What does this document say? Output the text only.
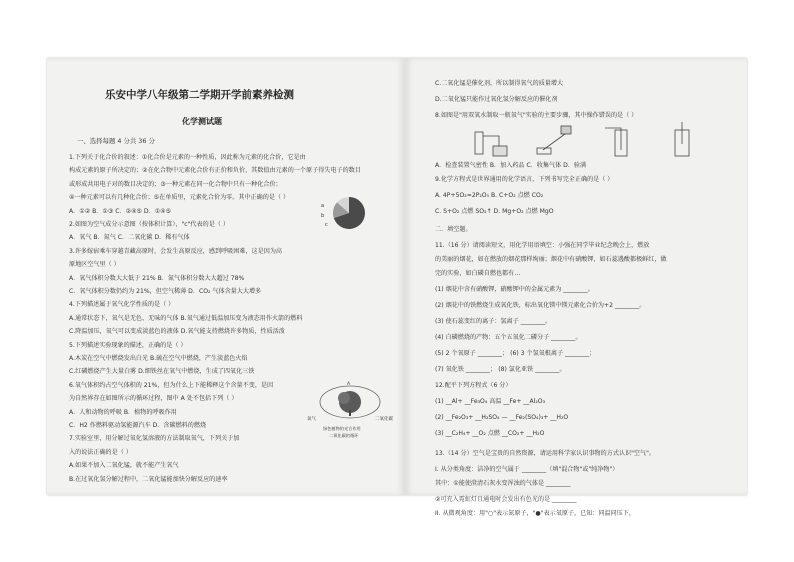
乐安中学八年级第二学期开学前素养检测
化学测试题
一、选择每题 4 分共 36 分
1.下列关于化合价的叙述：①化合价是元素的一种性质，因此称为元素的化合价，它是由
构成元素的原子所决定的；②在化合物中元素化合价有正价和负价，其数值由元素的一个原子得失电子的数目
或形成共用电子对的数目决定的；③一种元素在同一化合物中只有一种化合价；
④一种元素可以有几种化合价；⑤在单质里，元素化合价为零。其中正确的是（ ）
A．①② B．①③ C．②④⑤ D．①④⑤
2.如图为空气成分示意图（按体积计算），"c"代表的是（ ）
A．氧气 B．氮气 C．二氧化碳 D．稀有气体
3.许多嫁宿乘车穿越青藏高原时，会发生高原反应，感到呼吸困难，这是因为高
原地区空气里（ ）
A．氧气体积分数大大低于 21% B．氮气体积分数大大超过 78%
C．氧气体积分数仍约为 21%，但空气稀薄 D．CO₂ 气体含量大大增多
4.下列描述属于氧气化学性质的是（ ）
A.通常状态下，氧气是无色、无味的气体 B.氧气通过低温加压变为液态用作火箭的燃料
C.降温加压，氧气可以变成淡蓝色的液体 D.氧气能支持燃烧许多物质，性质活泼
5.下列描述实验现象的描述，正确的是（ ）
A.木炭在空气中燃烧发出白光 B.硫在空气中燃烧，产生淡蓝色火焰
C.红磷燃烧产生大量白雾 D.细铁丝在氧气中燃烧，生成了四氧化三铁
6.氧气体积约占空气体积的 21%，但为什么上下能稀释这个含量不变，是因
为自然界存在如图所示的循环过程，图中 A 处不包括下列（ ）
A．人和动物的呼吸 B．植物的呼吸作用
C．H2 作燃料驱动氢能源汽车 D．含碳燃料的燃烧
7.实验室里，用分解过氧化氢溶液的方法制取氧气，下列关于加
入的说法正确的是（ ）
A.如果不加入二氧化锰，就不能产生氧气
B.在过氧化氢分解过程中，二氧化锰能加快分解反应的速率
a
b
c
氧气
A
二氧化碳
绿色植物的光合作用
二氧化碳的循环
C.二氧化锰是催化剂，所以制得氧气的质量增大
D.二氧化锰只能作过氧化氢分解反应的催化剂
8.如图是"用双氧水制取一瓶氧气"实验的主要步骤，其中操作错误的是（ ）
A．检查装置气密性 B．加入药品 C．收集气体 D．验满
9.化学方程式是世界通用的化学语言，下列书写完全正确的是（ ）
A. 4P+5O₂=2P₂O₅ B. C+O₂ 点燃 CO₂
C. S+O₂ 点燃 SO₂↑ D. Mg+O₂ 点燃 MgO
二．填空题。
11.（16 分）请阅读短文，用化学用语填空：小强在同学毕业纪念晚会上，燃放
的美丽的烟花，如在燃放的烟花那样绚丽；烟花中有硝酸钾，如石蕊遇酸都极鲜红，做
完的实验，如白磷自燃也都有…
(1) 烟花中含有硝酸钾，硝酸钾中的金属元素为 ________。
(2) 烟花中的铁燃烧生成氧化铁，标出氧化镁中镁元素化合价为+2 ________。
(3) 使石蕊变红的离子：氢离子 ________。
(4) 白磷燃烧的产物：五个五氧化二磷分子 ________。
(5) 2 个氧原子 ________； (6) 3 个氢氧根离子 ________；
(7) 氧化铁 ________； (8) 氯化亚铁 ________。
12.配平下列方程式（6 分）
(1) __Al+ __Fe₃O₄ 高温 __Fe+ __Al₂O₃
(2) __Fe₂O₃+ __H₂SO₄ — __Fe₂(SO₄)₃+ __H₂O
(3) __C₂H₄+ __O₂ 点燃 __CO₂+ __H₂O
13.（14 分）空气是宝贵的自然资源，请运用科学家认识事物的方式认识"空气"。
I. 从分类角度：洁净的空气属于 ________（填"混合物"或"纯净物"）
其中：①能使澄清石灰水变浑浊的气体是 ________
②可充入霓虹灯且通电时会发出有色光的是 ________
II. 从微观角度：用"○"表示氮原子，"●"表示氧原子，已知：同温同压下，
